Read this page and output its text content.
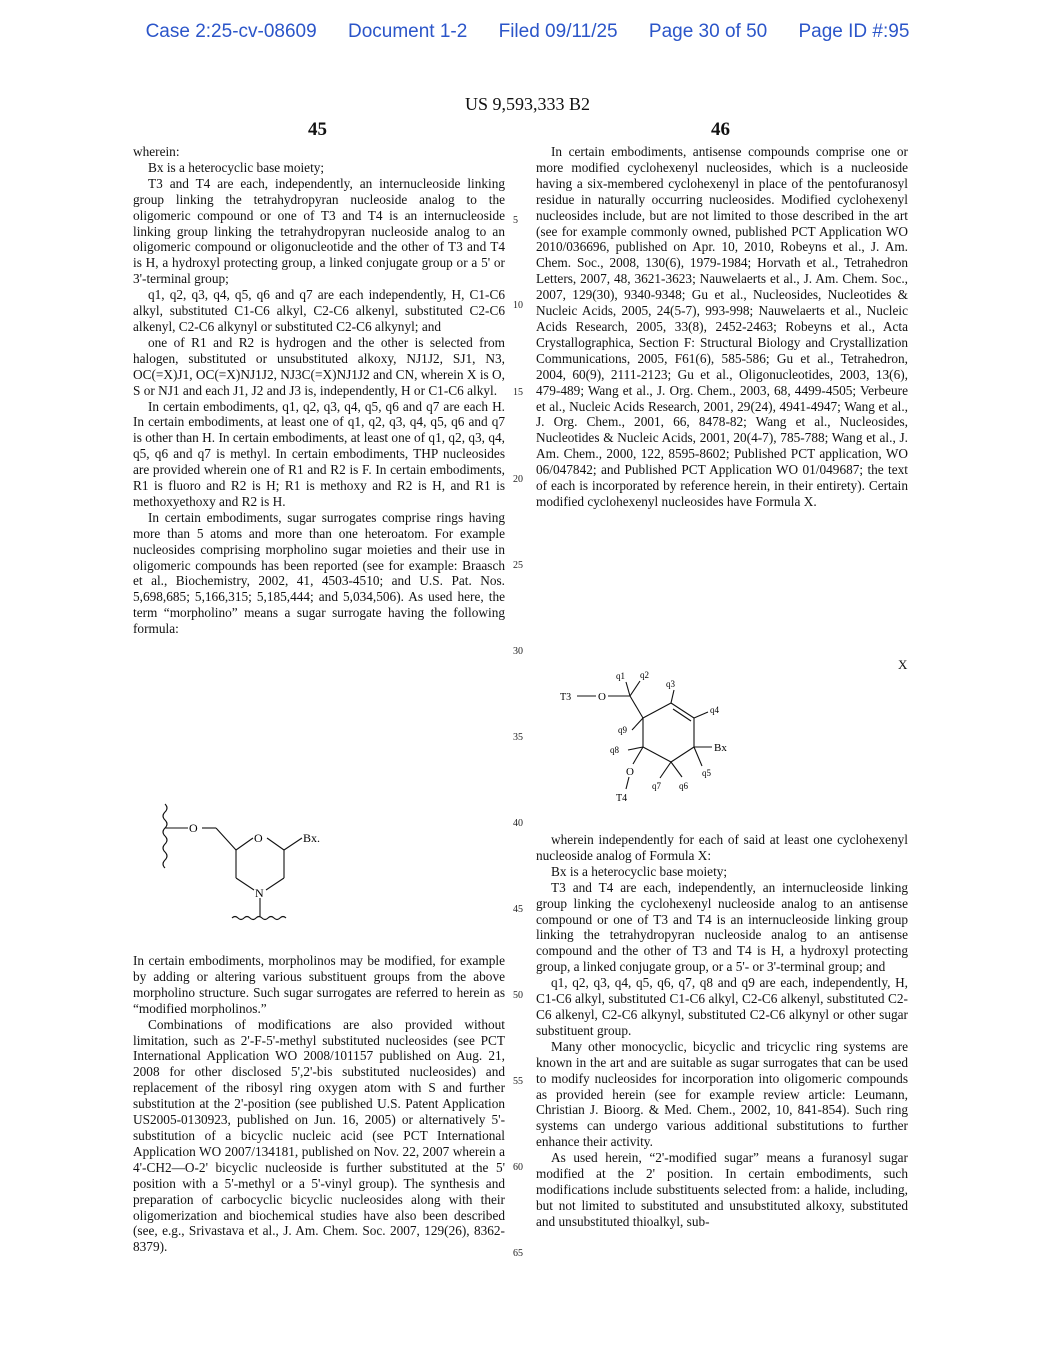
Case 2:25-cv-08609 Document 1-2 Filed 09/11/25 Page 30 of 50 Page ID #:95
US 9,593,333 B2
45	46

wherein:

Bx is a heterocyclic base moiety;

T3 and T4 are each, independently, an internucleoside linking group linking the tetrahydropyran nucleoside analog to the oligomeric compound or one of T3 and T4 is an internucleoside linking group linking the tetrahydropyran nucleoside analog to an oligomeric compound or oligonucleotide and the other of T3 and T4 is H, a hydroxyl protecting group, a linked conjugate group or a 5' or 3'-terminal group;

q1, q2, q3, q4, q5, q6 and q7 are each independently, H, C1-C6 alkyl, substituted C1-C6 alkyl, C2-C6 alkenyl, substituted C2-C6 alkenyl, C2-C6 alkynyl or substituted C2-C6 alkynyl; and

one of R1 and R2 is hydrogen and the other is selected from halogen, substituted or unsubstituted alkoxy, NJ1J2, SJ1, N3, OC(=X)J1, OC(=X)NJ1J2, NJ3C(=X)NJ1J2 and CN, wherein X is O, S or NJ1 and each J1, J2 and J3 is, independently, H or C1-C6 alkyl.

In certain embodiments, q1, q2, q3, q4, q5, q6 and q7 are each H. In certain embodiments, at least one of q1, q2, q3, q4, q5, q6 and q7 is other than H. In certain embodiments, at least one of q1, q2, q3, q4, q5, q6 and q7 is methyl. In certain embodiments, THP nucleosides are provided wherein one of R1 and R2 is F. In certain embodiments, R1 is fluoro and R2 is H; R1 is methoxy and R2 is H, and R1 is methoxyethoxy and R2 is H.

In certain embodiments, sugar surrogates comprise rings having more than 5 atoms and more than one heteroatom. For example nucleosides comprising morpholino sugar moieties and their use in oligomeric compounds has been reported (see for example: Braasch et al., Biochemistry, 2002, 41, 4503-4510; and U.S. Pat. Nos. 5,698,685; 5,166,315; 5,185,444; and 5,034,506). As used here, the term “morpholino” means a sugar surrogate having the following formula:

O
O
N
Bx.

In certain embodiments, morpholinos may be modified, for example by adding or altering various substituent groups from the above morpholino structure. Such sugar surrogates are referred to herein as “modified morpholinos.”

Combinations of modifications are also provided without limitation, such as 2'-F-5'-methyl substituted nucleosides (see PCT International Application WO 2008/101157 published on Aug. 21, 2008 for other disclosed 5',2'-bis substituted nucleosides) and replacement of the ribosyl ring oxygen atom with S and further substitution at the 2'-position (see published U.S. Patent Application US2005-0130923, published on Jun. 16, 2005) or alternatively 5'-substitution of a bicyclic nucleic acid (see PCT International Application WO 2007/134181, published on Nov. 22, 2007 wherein a 4'-CH2—O-2' bicyclic nucleoside is further substituted at the 5' position with a 5'-methyl or a 5'-vinyl group). The synthesis and preparation of carbocyclic bicyclic nucleosides along with their oligomerization and biochemical studies have also been described (see, e.g., Srivastava et al., J. Am. Chem. Soc. 2007, 129(26), 8362-8379).

5
10
15
20
25
30
35
40
45
50
55
60
65

In certain embodiments, antisense compounds comprise one or more modified cyclohexenyl nucleosides, which is a nucleoside having a six-membered cyclohexenyl in place of the pentofuranosyl residue in naturally occurring nucleosides. Modified cyclohexenyl nucleosides include, but are not limited to those described in the art (see for example commonly owned, published PCT Application WO 2010/036696, published on Apr. 10, 2010, Robeyns et al., J. Am. Chem. Soc., 2008, 130(6), 1979-1984; Horvath et al., Tetrahedron Letters, 2007, 48, 3621-3623; Nauwelaerts et al., J. Am. Chem. Soc., 2007, 129(30), 9340-9348; Gu et al., Nucleosides, Nucleotides & Nucleic Acids, 2005, 24(5-7), 993-998; Nauwelaerts et al., Nucleic Acids Research, 2005, 33(8), 2452-2463; Robeyns et al., Acta Crystallographica, Section F: Structural Biology and Crystallization Communications, 2005, F61(6), 585-586; Gu et al., Tetrahedron, 2004, 60(9), 2111-2123; Gu et al., Oligonucleotides, 2003, 13(6), 479-489; Wang et al., J. Org. Chem., 2003, 68, 4499-4505; Verbeure et al., Nucleic Acids Research, 2001, 29(24), 4941-4947; Wang et al., J. Org. Chem., 2001, 66, 8478-82; Wang et al., Nucleosides, Nucleotides & Nucleic Acids, 2001, 20(4-7), 785-788; Wang et al., J. Am. Chem., 2000, 122, 8595-8602; Published PCT application, WO 06/047842; and Published PCT Application WO 01/049687; the text of each is incorporated by reference herein, in their entirety). Certain modified cyclohexenyl nucleosides have Formula X.

X
T3 O
q1 q2
q3
q4
Bx
q5
q6
q7
q8
q9
O
T4

wherein independently for each of said at least one cyclohexenyl nucleoside analog of Formula X:

Bx is a heterocyclic base moiety;

T3 and T4 are each, independently, an internucleoside linking group linking the cyclohexenyl nucleoside analog to an antisense compound or one of T3 and T4 is an internucleoside linking group linking the tetrahydropyran nucleoside analog to an antisense compound and the other of T3 and T4 is H, a hydroxyl protecting group, a linked conjugate group, or a 5'- or 3'-terminal group; and

q1, q2, q3, q4, q5, q6, q7, q8 and q9 are each, independently, H, C1-C6 alkyl, substituted C1-C6 alkyl, C2-C6 alkenyl, substituted C2-C6 alkenyl, C2-C6 alkynyl, substituted C2-C6 alkynyl or other sugar substituent group.

Many other monocyclic, bicyclic and tricyclic ring systems are known in the art and are suitable as sugar surrogates that can be used to modify nucleosides for incorporation into oligomeric compounds as provided herein (see for example review article: Leumann, Christian J. Bioorg. & Med. Chem., 2002, 10, 841-854). Such ring systems can undergo various additional substitutions to further enhance their activity.

As used herein, “2'-modified sugar” means a furanosyl sugar modified at the 2' position. In certain embodiments, such modifications include substituents selected from: a halide, including, but not limited to substituted and unsubstituted alkoxy, substituted and unsubstituted thioalkyl, sub-
